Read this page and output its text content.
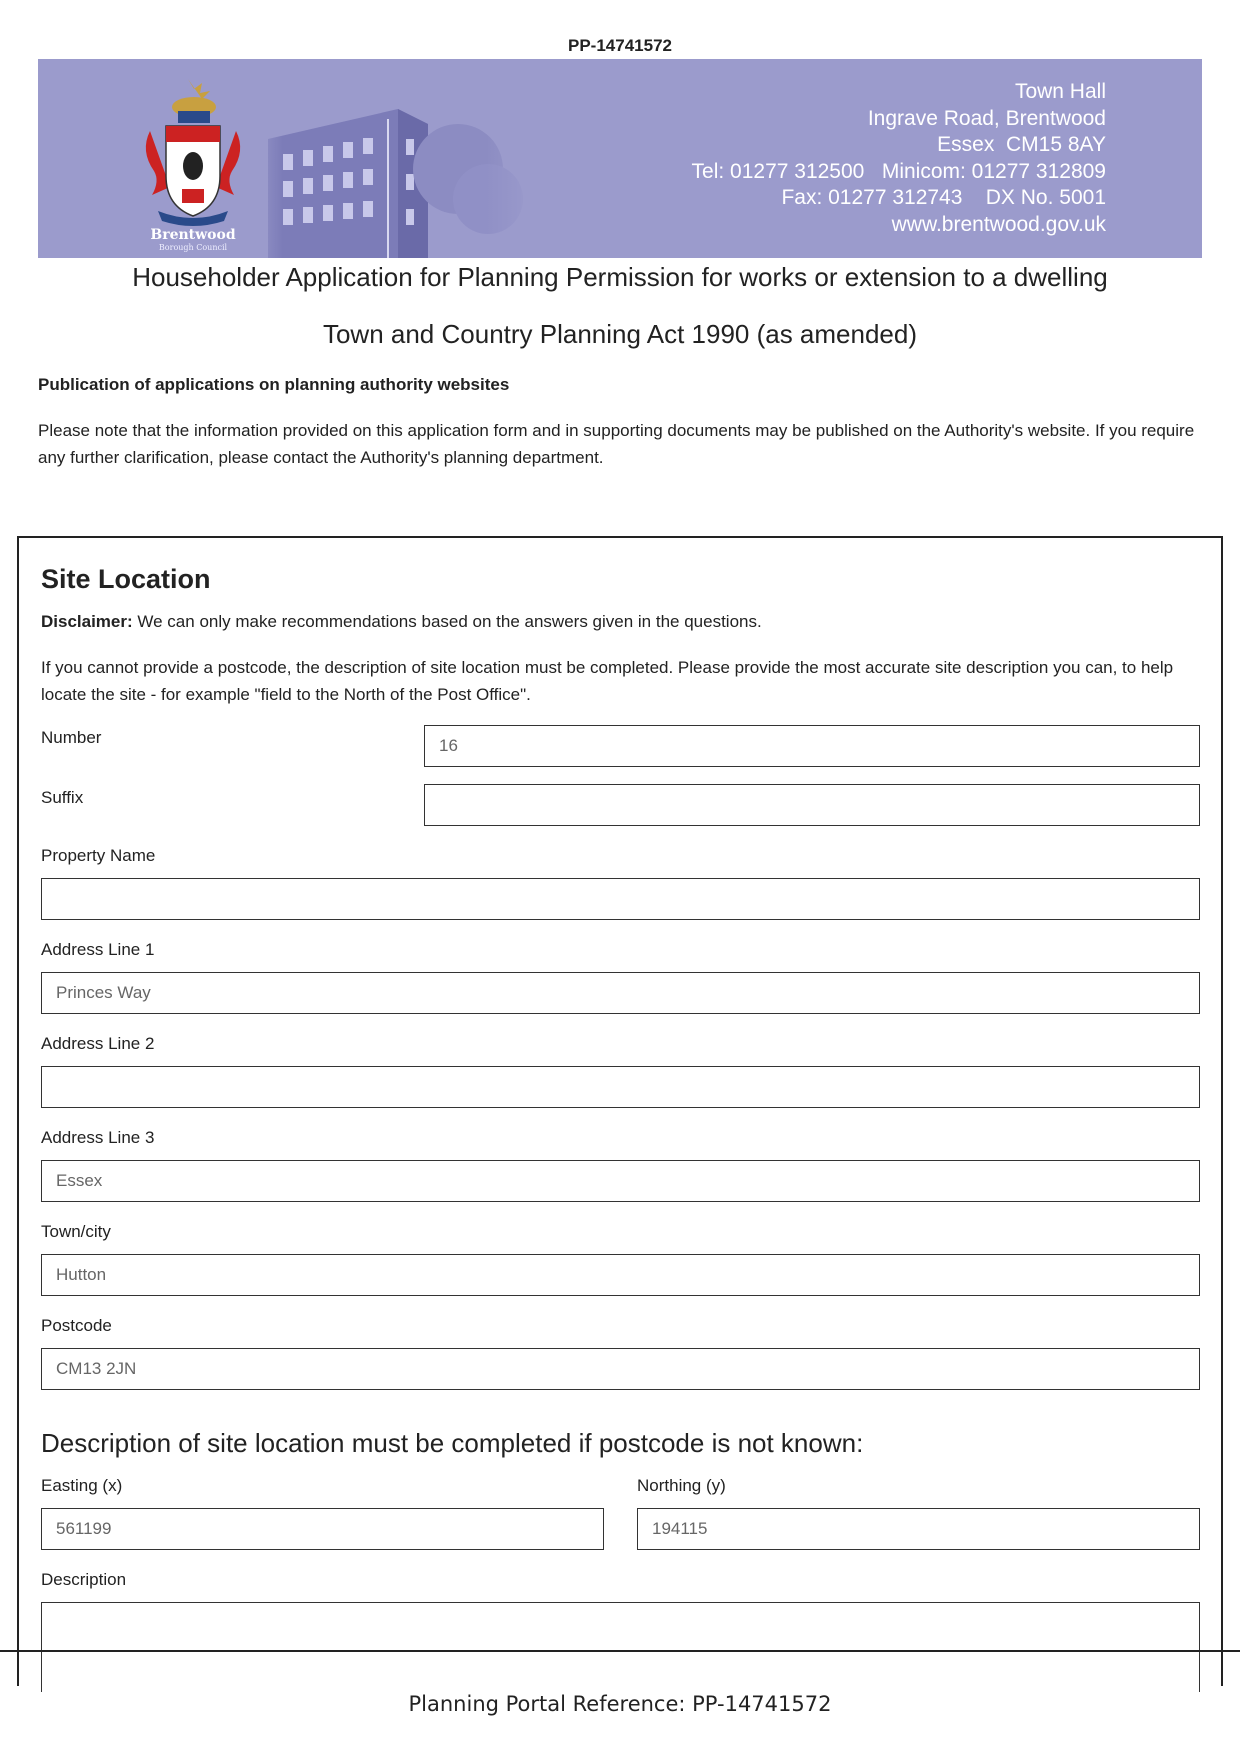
PP-14741572
Brentwood
Borough Council
Town Hall
Ingrave Road, Brentwood
Essex  CM15 8AY
Tel: 01277 312500   Minicom: 01277 312809
Fax: 01277 312743    DX No. 5001
www.brentwood.gov.uk
Householder Application for Planning Permission for works or extension to a dwelling
Town and Country Planning Act 1990 (as amended)
Publication of applications on planning authority websites
Please note that the information provided on this application form and in supporting documents may be published on the Authority's website. If you require any further clarification, please contact the Authority's planning department.
Site Location
Disclaimer: We can only make recommendations based on the answers given in the questions.
If you cannot provide a postcode, the description of site location must be completed. Please provide the most accurate site description you can, to help locate the site - for example "field to the North of the Post Office".
Number	16
Suffix
Property Name
Address Line 1
Princes Way
Address Line 2
Address Line 3
Essex
Town/city
Hutton
Postcode
CM13 2JN
Description of site location must be completed if postcode is not known:
Easting (x)
561199
Northing (y)
194115
Description
Planning Portal Reference: PP-14741572
